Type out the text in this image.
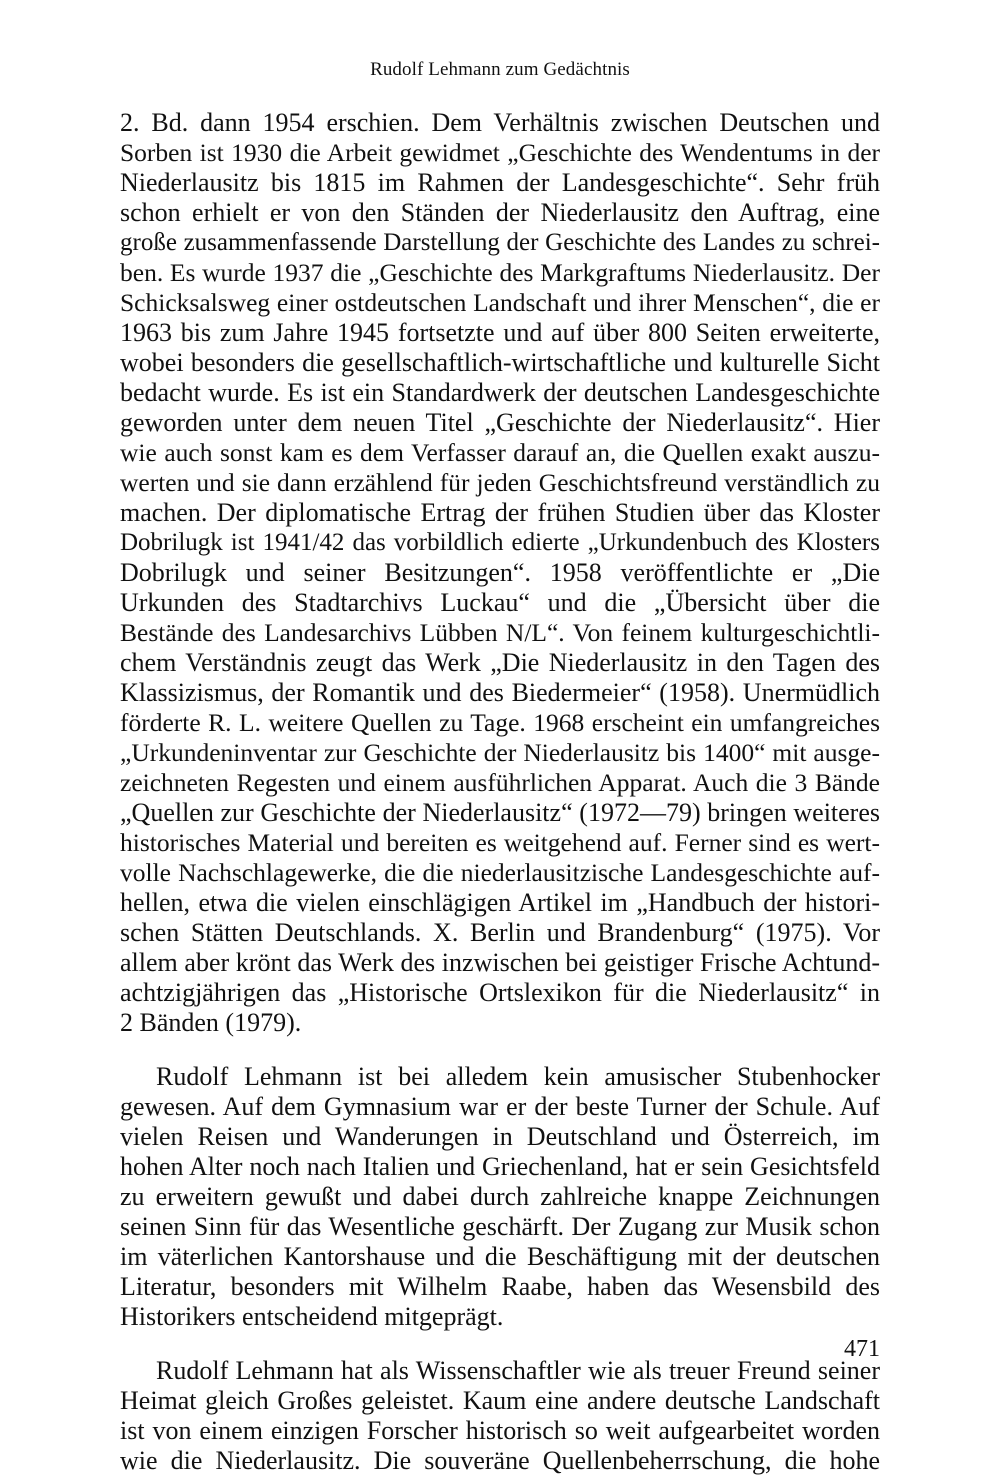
Rudolf Lehmann zum Gedächtnis
2. Bd. dann 1954 erschien. Dem Verhältnis zwischen Deutschen und
Sorben ist 1930 die Arbeit gewidmet „Geschichte des Wendentums in der
Niederlausitz bis 1815 im Rahmen der Landesgeschichte“. Sehr früh
schon erhielt er von den Ständen der Niederlausitz den Auftrag, eine
große zusammenfassende Darstellung der Geschichte des Landes zu schrei-
ben. Es wurde 1937 die „Geschichte des Markgraftums Niederlausitz. Der
Schicksalsweg einer ostdeutschen Landschaft und ihrer Menschen“, die er
1963 bis zum Jahre 1945 fortsetzte und auf über 800 Seiten erweiterte,
wobei besonders die gesellschaftlich-wirtschaftliche und kulturelle Sicht
bedacht wurde. Es ist ein Standardwerk der deutschen Landesgeschichte
geworden unter dem neuen Titel „Geschichte der Niederlausitz“. Hier
wie auch sonst kam es dem Verfasser darauf an, die Quellen exakt auszu-
werten und sie dann erzählend für jeden Geschichtsfreund verständlich zu
machen. Der diplomatische Ertrag der frühen Studien über das Kloster
Dobrilugk ist 1941/42 das vorbildlich edierte „Urkundenbuch des Klosters
Dobrilugk und seiner Besitzungen“. 1958 veröffentlichte er „Die
Urkunden des Stadtarchivs Luckau“ und die „Übersicht über die
Bestände des Landesarchivs Lübben N/L“. Von feinem kulturgeschichtli-
chem Verständnis zeugt das Werk „Die Niederlausitz in den Tagen des
Klassizismus, der Romantik und des Biedermeier“ (1958). Unermüdlich
förderte R. L. weitere Quellen zu Tage. 1968 erscheint ein umfangreiches
„Urkundeninventar zur Geschichte der Niederlausitz bis 1400“ mit ausge-
zeichneten Regesten und einem ausführlichen Apparat. Auch die 3 Bände
„Quellen zur Geschichte der Niederlausitz“ (1972—79) bringen weiteres
historisches Material und bereiten es weitgehend auf. Ferner sind es wert-
volle Nachschlagewerke, die die niederlausitzische Landesgeschichte auf-
hellen, etwa die vielen einschlägigen Artikel im „Handbuch der histori-
schen Stätten Deutschlands. X. Berlin und Brandenburg“ (1975). Vor
allem aber krönt das Werk des inzwischen bei geistiger Frische Achtund-
achtzigjährigen das „Historische Ortslexikon für die Niederlausitz“ in
2 Bänden (1979).
Rudolf Lehmann ist bei alledem kein amusischer Stubenhocker
gewesen. Auf dem Gymnasium war er der beste Turner der Schule. Auf
vielen Reisen und Wanderungen in Deutschland und Österreich, im
hohen Alter noch nach Italien und Griechenland, hat er sein Gesichtsfeld
zu erweitern gewußt und dabei durch zahlreiche knappe Zeichnungen
seinen Sinn für das Wesentliche geschärft. Der Zugang zur Musik schon
im väterlichen Kantorshause und die Beschäftigung mit der deutschen
Literatur, besonders mit Wilhelm Raabe, haben das Wesensbild des
Historikers entscheidend mitgeprägt.
Rudolf Lehmann hat als Wissenschaftler wie als treuer Freund seiner
Heimat gleich Großes geleistet. Kaum eine andere deutsche Landschaft
ist von einem einzigen Forscher historisch so weit aufgearbeitet worden
wie die Niederlausitz. Die souveräne Quellenbeherrschung, die hohe
471
